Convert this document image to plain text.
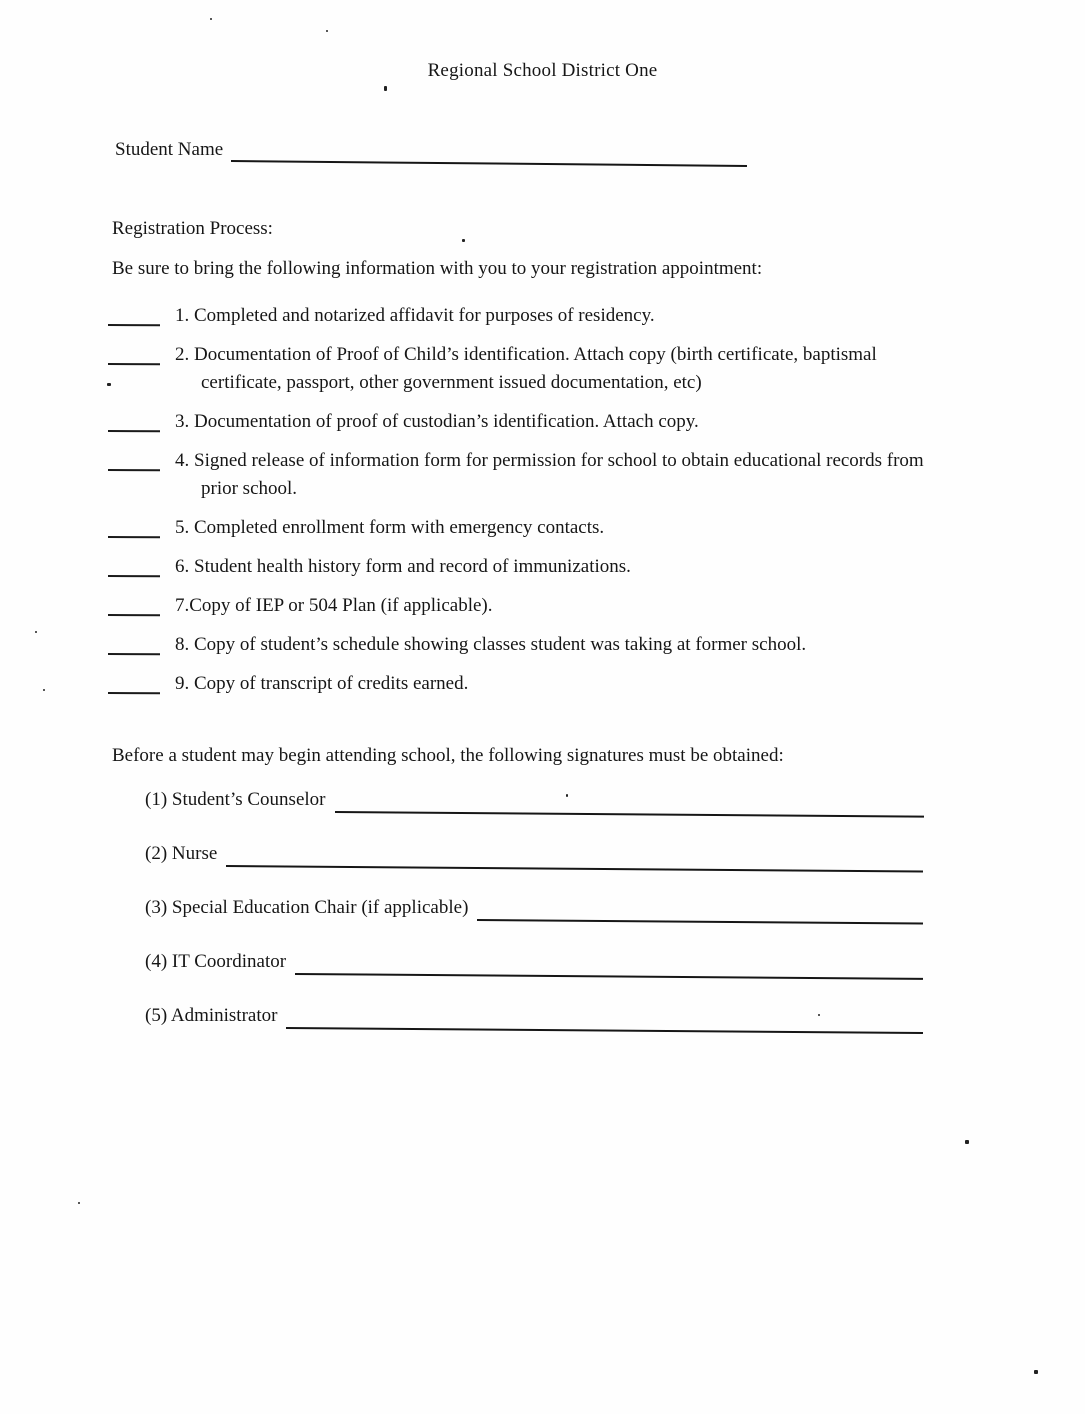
Regional School District One
Student Name
Registration Process:
Be sure to bring the following information with you to your registration appointment:
1. Completed and notarized affidavit for purposes of residency.
2. Documentation of Proof of Child’s identification. Attach copy (birth certificate, baptismal certificate, passport, other government issued documentation, etc)
3. Documentation of proof of custodian’s identification. Attach copy.
4. Signed release of information form for permission for school to obtain educational records from prior school.
5. Completed enrollment form with emergency contacts.
6. Student health history form and record of immunizations.
7.Copy of IEP or 504 Plan (if applicable).
8. Copy of student’s schedule showing classes student was taking at former school.
9. Copy of transcript of credits earned.
Before a student may begin attending school, the following signatures must be obtained:
(1) Student’s Counselor
(2) Nurse
(3) Special Education Chair (if applicable)
(4) IT Coordinator
(5) Administrator
